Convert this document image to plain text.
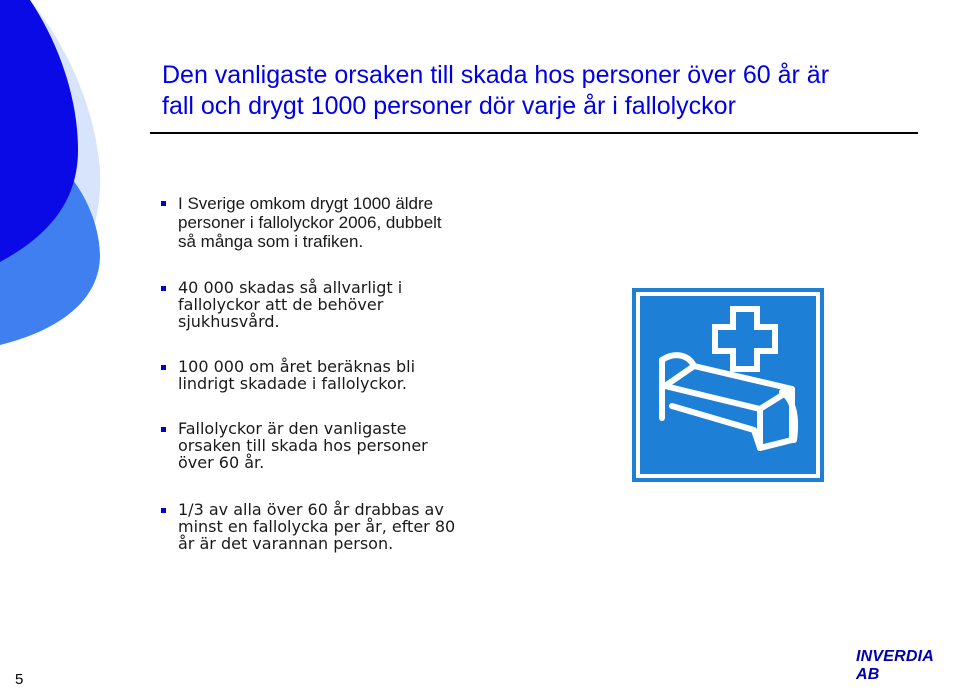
Den vanligaste orsaken till skada hos personer över 60 år är
fall och drygt 1000 personer dör varje år i fallolyckor
I Sverige omkom drygt 1000 äldre
personer i fallolyckor 2006, dubbelt
så många som i trafiken.
40 000 skadas så allvarligt i
fallolyckor att de behöver
sjukhusvård.
100 000 om året beräknas bli
lindrigt skadade i fallolyckor.
Fallolyckor är den vanligaste
orsaken till skada hos personer
över 60 år.
1/3 av alla över 60 år drabbas av
minst en fallolycka per år, efter 80
år är det varannan person.
5
INVERDIA AB
